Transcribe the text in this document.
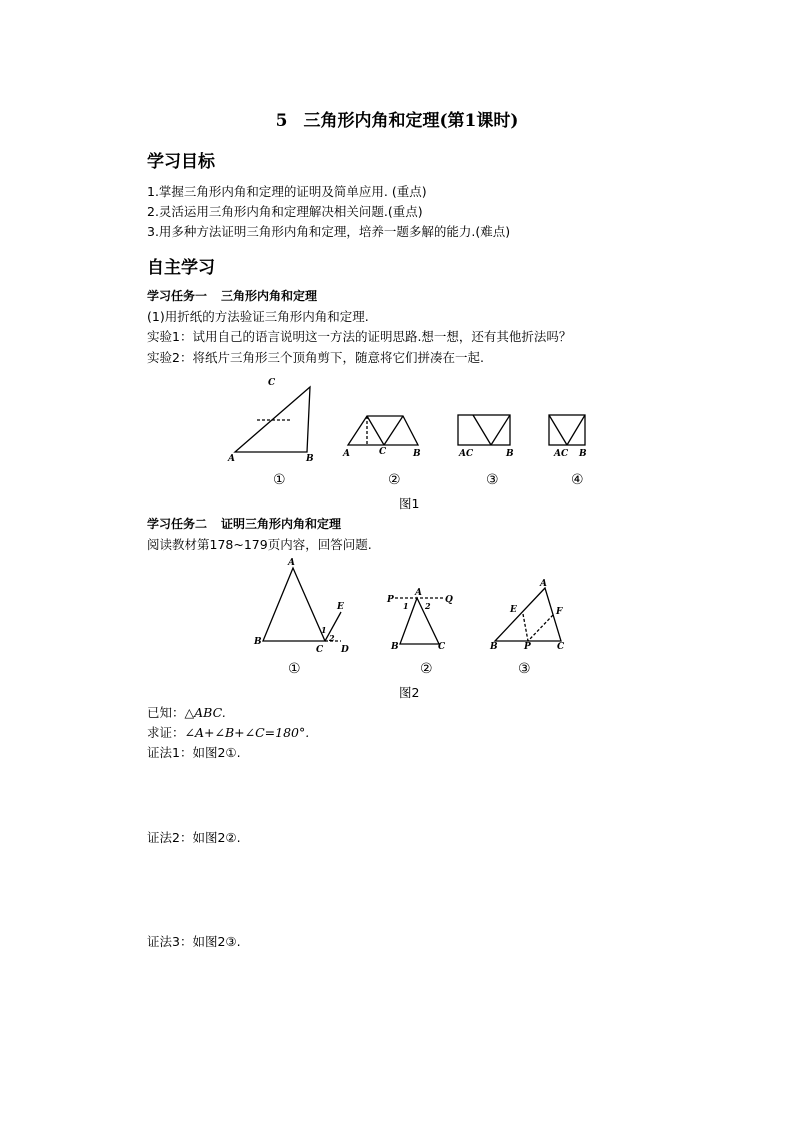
5 三角形内角和定理(第1课时)
学习目标
1.掌握三角形内角和定理的证明及简单应用. (重点)
2.灵活运用三角形内角和定理解决相关问题.(重点)
3.用多种方法证明三角形内角和定理，培养一题多解的能力.(难点)
自主学习
学习任务一 三角形内角和定理
(1)用折纸的方法验证三角形内角和定理.
实验1：试用自己的语言说明这一方法的证明思路.想一想，还有其他折法吗？
实验2：将纸片三角形三个顶角剪下，随意将它们拼凑在一起.
C
A	B	A	C	B	AC	B	AC B
①	②	③	④
图1
学习任务二 证明三角形内角和定理
阅读教材第178~179页内容，回答问题.
A
B
C D
E
1
2
P
A
Q
1 2
B	C
A
E	F
B	P	C
①	②	③
图2
已知：△ABC.
求证：∠A+∠B+∠C=180°.
证法1：如图2①.
证法2：如图2②.
证法3：如图2③.
